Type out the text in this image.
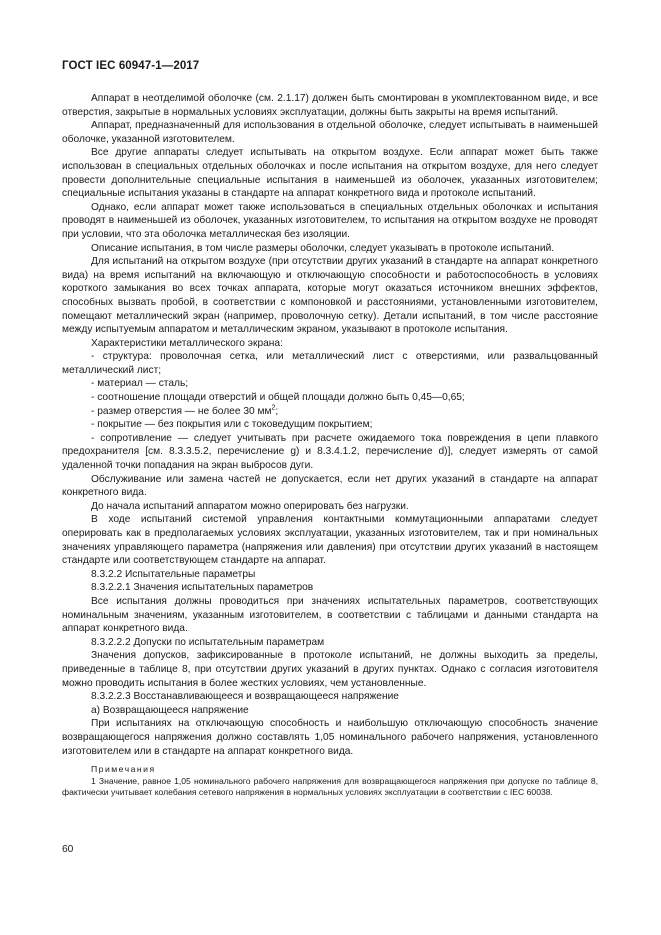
ГОСТ IEC 60947-1—2017

Аппарат в неотделимой оболочке (см. 2.1.17) должен быть смонтирован в укомплектованном виде, и все отверстия, закрытые в нормальных условиях эксплуатации, должны быть закрыты на время испытаний.

Аппарат, предназначенный для использования в отдельной оболочке, следует испытывать в наименьшей оболочке, указанной изготовителем.

Все другие аппараты следует испытывать на открытом воздухе. Если аппарат может быть также использован в специальных отдельных оболочках и после испытания на открытом воздухе, для него следует провести дополнительные специальные испытания в наименьшей из оболочек, указанных изготовителем; специальные испытания указаны в стандарте на аппарат конкретного вида и протоколе испытаний.

Однако, если аппарат может также использоваться в специальных отдельных оболочках и испытания проводят в наименьшей из оболочек, указанных изготовителем, то испытания на открытом воздухе не проводят при условии, что эта оболочка металлическая без изоляции.

Описание испытания, в том числе размеры оболочки, следует указывать в протоколе испытаний.

Для испытаний на открытом воздухе (при отсутствии других указаний в стандарте на аппарат конкретного вида) на время испытаний на включающую и отключающую способности и работоспособность в условиях короткого замыкания во всех точках аппарата, которые могут оказаться источником внешних эффектов, способных вызвать пробой, в соответствии с компоновкой и расстояниями, установленными изготовителем, помещают металлический экран (например, проволочную сетку). Детали испытаний, в том числе расстояние между испытуемым аппаратом и металлическим экраном, указывают в протоколе испытания.

Характеристики металлического экрана:

- структура: проволочная сетка, или металлический лист с отверстиями, или развальцованный металлический лист;

- материал — сталь;

- соотношение площади отверстий и общей площади должно быть 0,45—0,65;

- размер отверстия — не более 30 $мм^2$;

- покрытие — без покрытия или с токоведущим покрытием;

- сопротивление — следует учитывать при расчете ожидаемого тока повреждения в цепи плавкого предохранителя [см. 8.3.3.5.2, перечисление g) и 8.3.4.1.2, перечисление d)], следует измерять от самой удаленной точки попадания на экран выбросов дуги.

Обслуживание или замена частей не допускается, если нет других указаний в стандарте на аппарат конкретного вида.

До начала испытаний аппаратом можно оперировать без нагрузки.

В ходе испытаний системой управления контактными коммутационными аппаратами следует оперировать как в предполагаемых условиях эксплуатации, указанных изготовителем, так и при номинальных значениях управляющего параметра (напряжения или давления) при отсутствии других указаний в настоящем стандарте или соответствующем стандарте на аппарат.

8.3.2.2 Испытательные параметры

8.3.2.2.1 Значения испытательных параметров

Все испытания должны проводиться при значениях испытательных параметров, соответствующих номинальным значениям, указанным изготовителем, в соответствии с таблицами и данными стандарта на аппарат конкретного вида.

8.3.2.2.2 Допуски по испытательным параметрам

Значения допусков, зафиксированные в протоколе испытаний, не должны выходить за пределы, приведенные в таблице 8, при отсутствии других указаний в других пунктах. Однако с согласия изготовителя можно проводить испытания в более жестких условиях, чем установленные.

8.3.2.2.3 Восстанавливающееся и возвращающееся напряжение

a) Возвращающееся напряжение

При испытаниях на отключающую способность и наибольшую отключающую способность значение возвращающегося напряжения должно составлять 1,05 номинального рабочего напряжения, установленного изготовителем или в стандарте на аппарат конкретного вида.

Примечания

1 Значение, равное 1,05 номинального рабочего напряжения для возвращающегося напряжения при допуске по таблице 8, фактически учитывает колебания сетевого напряжения в нормальных условиях эксплуатации в соответствии с IEC 60038.

60
